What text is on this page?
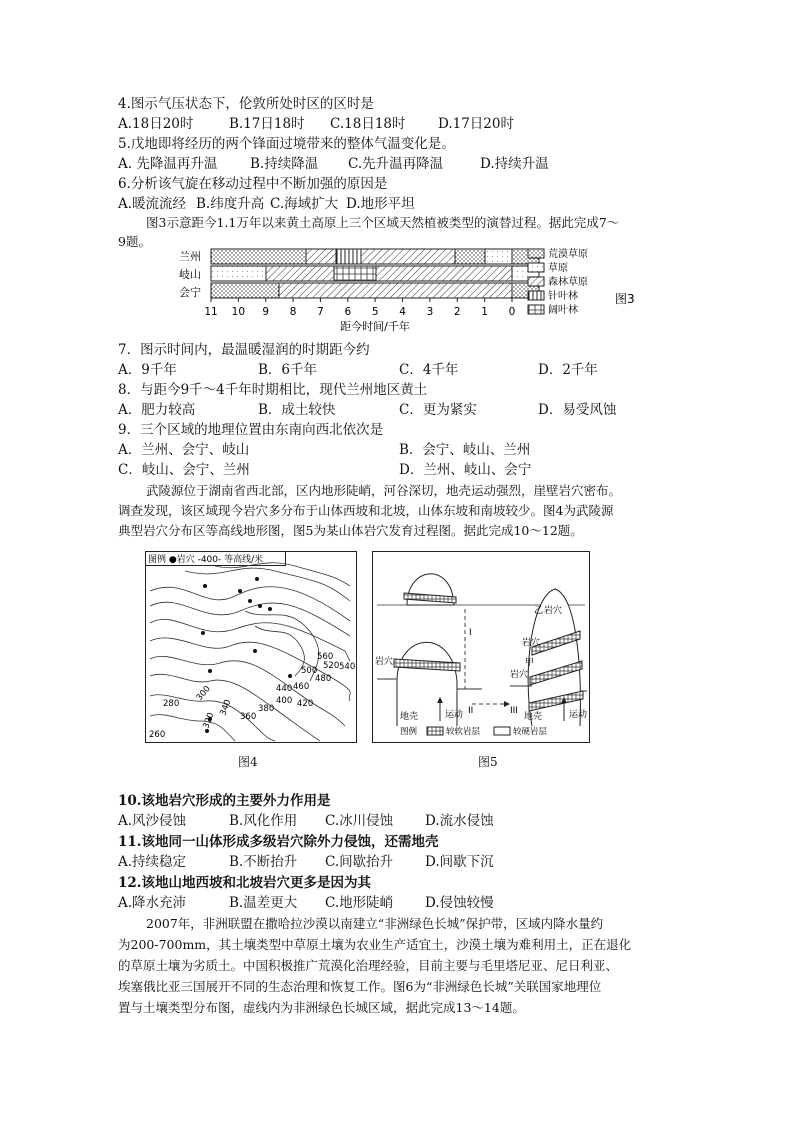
4.图示气压状态下，伦敦所处时区的区时是
A.18日20时	B.17日18时 C.18日18时 D.17日20时
5.戊地即将经历的两个锋面过境带来的整体气温变化是。
A. 先降温再升温 B.持续降温 C.先升温再降温	D.持续升温
6.分析该气旋在移动过程中不断加强的原因是
A.暖流流经 B.纬度升高 C.海域扩大 D.地形平坦
图3示意距今1.1万年以来黄土高原上三个区域天然植被类型的演替过程。据此完成7～
9题。
兰州
岐山
会宁
11 10 9 8 7 6 5 4 3 2 1 0
距今时间/千年
荒漠草原
草原
森林草原
针叶林
阔叶林
图3
7．图示时间内，最温暖湿润的时期距今约
A．9千年	B．6千年	C．4千年	D．2千年
8．与距今9千～4千年时期相比，现代兰州地区黄土
A．肥力较高	B．成土较快	C．更为紧实	D．易受风蚀
9．三个区域的地理位置由东南向西北依次是
A．兰州、会宁、岐山	B．会宁、岐山、兰州
C．岐山、会宁、兰州	D．兰州、岐山、会宁
武陵源位于湖南省西北部，区内地形陡峭，河谷深切，地壳运动强烈，崖壁岩穴密布。
调查发现，该区域现今岩穴多分布于山体西坡和北坡，山体东坡和南坡较少。图4为武陵源
典型岩穴分布区等高线地形图，图5为某山体岩穴发育过程图。据此完成10～12题。
图例 ●岩穴 -400- 等高线/米
560
520 540
500
480
440 460
400 420
380
360
340
320
300
280
260
图4
I
II	III
岩穴
乙 岩穴
岩穴
甲
岩穴
地壳	运动	地壳	运动
图例	较软岩层	较硬岩层
图5
10.该地岩穴形成的主要外力作用是
A.风沙侵蚀	B.风化作用 C.冰川侵蚀 D.流水侵蚀
11.该地同一山体形成多级岩穴除外力侵蚀，还需地壳
A.持续稳定	B.不断抬升 C.间歇抬升 D.间歇下沉
12.该地山地西坡和北坡岩穴更多是因为其
A.降水充沛	B.温差更大 C.地形陡峭 D.侵蚀较慢
2007年，非洲联盟在撒哈拉沙漠以南建立“非洲绿色长城”保护带，区域内降水量约
为200-700mm，其土壤类型中草原土壤为农业生产适宜土，沙漠土壤为难利用土，正在退化
的草原土壤为劣质土。中国积极推广荒漠化治理经验，目前主要与毛里塔尼亚、尼日利亚、
埃塞俄比亚三国展开不同的生态治理和恢复工作。图6为“非洲绿色长城”关联国家地理位
置与土壤类型分布图，虚线内为非洲绿色长城区域，据此完成13～14题。
